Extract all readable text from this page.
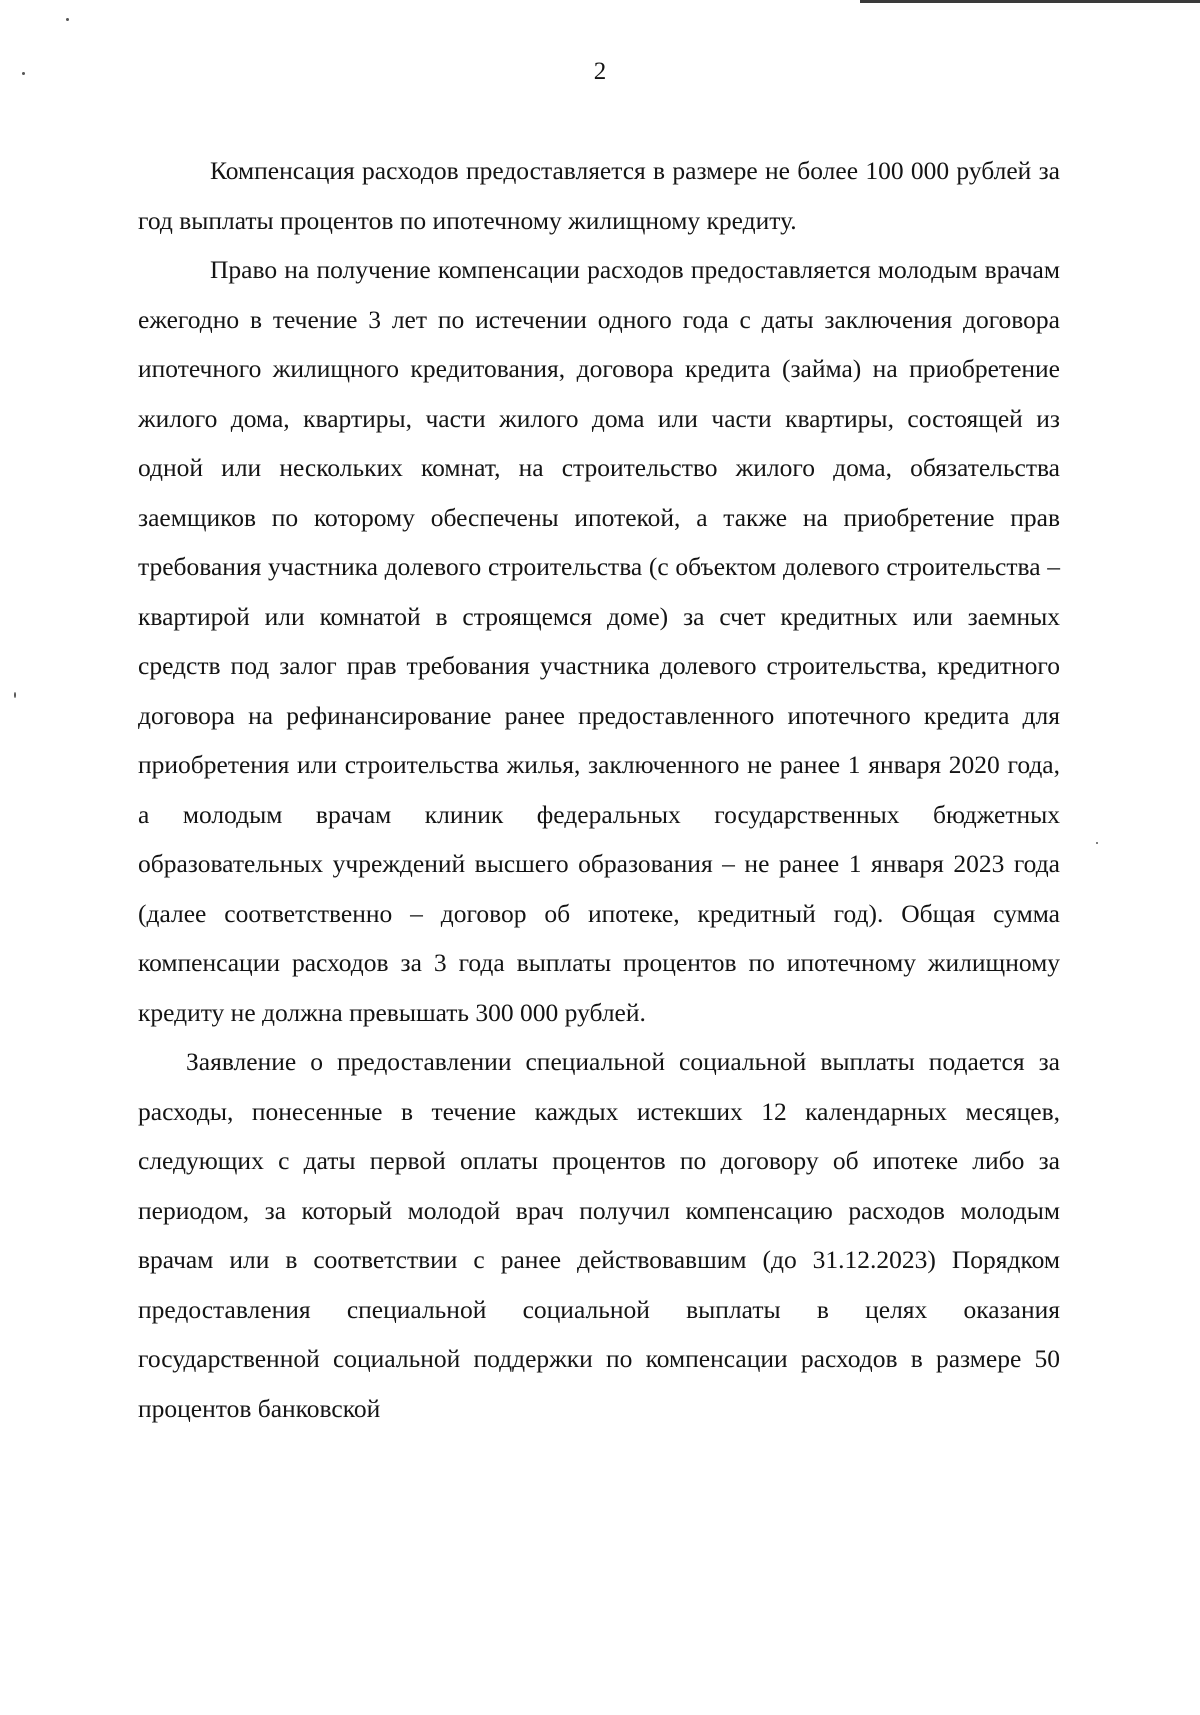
2

Компенсация расходов предоставляется в размере не более 100 000 рублей за год выплаты процентов по ипотечному жилищному кредиту.

Право на получение компенсации расходов предоставляется молодым врачам ежегодно в течение 3 лет по истечении одного года с даты заключения договора ипотечного жилищного кредитования, договора кредита (займа) на приобретение жилого дома, квартиры, части жилого дома или части квартиры, состоящей из одной или нескольких комнат, на строительство жилого дома, обязательства заемщиков по которому обеспечены ипотекой, а также на приобретение прав требования участника долевого строительства (с объектом долевого строительства – квартирой или комнатой в строящемся доме) за счет кредитных или заемных средств под залог прав требования участника долевого строительства, кредитного договора на рефинансирование ранее предоставленного ипотечного кредита для приобретения или строительства жилья, заключенного не ранее 1 января 2020 года, а молодым врачам клиник федеральных государственных бюджетных образовательных учреждений высшего образования – не ранее 1 января 2023 года (далее соответственно – договор об ипотеке, кредитный год). Общая сумма компенсации расходов за 3 года выплаты процентов по ипотечному жилищному кредиту не должна превышать 300 000 рублей.

Заявление о предоставлении специальной социальной выплаты подается за расходы, понесенные в течение каждых истекших 12 календарных месяцев, следующих с даты первой оплаты процентов по договору об ипотеке либо за периодом, за который молодой врач получил компенсацию расходов молодым врачам или в соответствии с ранее действовавшим (до 31.12.2023) Порядком предоставления специальной социальной выплаты в целях оказания государственной социальной поддержки по компенсации расходов в размере 50 процентов банковской
